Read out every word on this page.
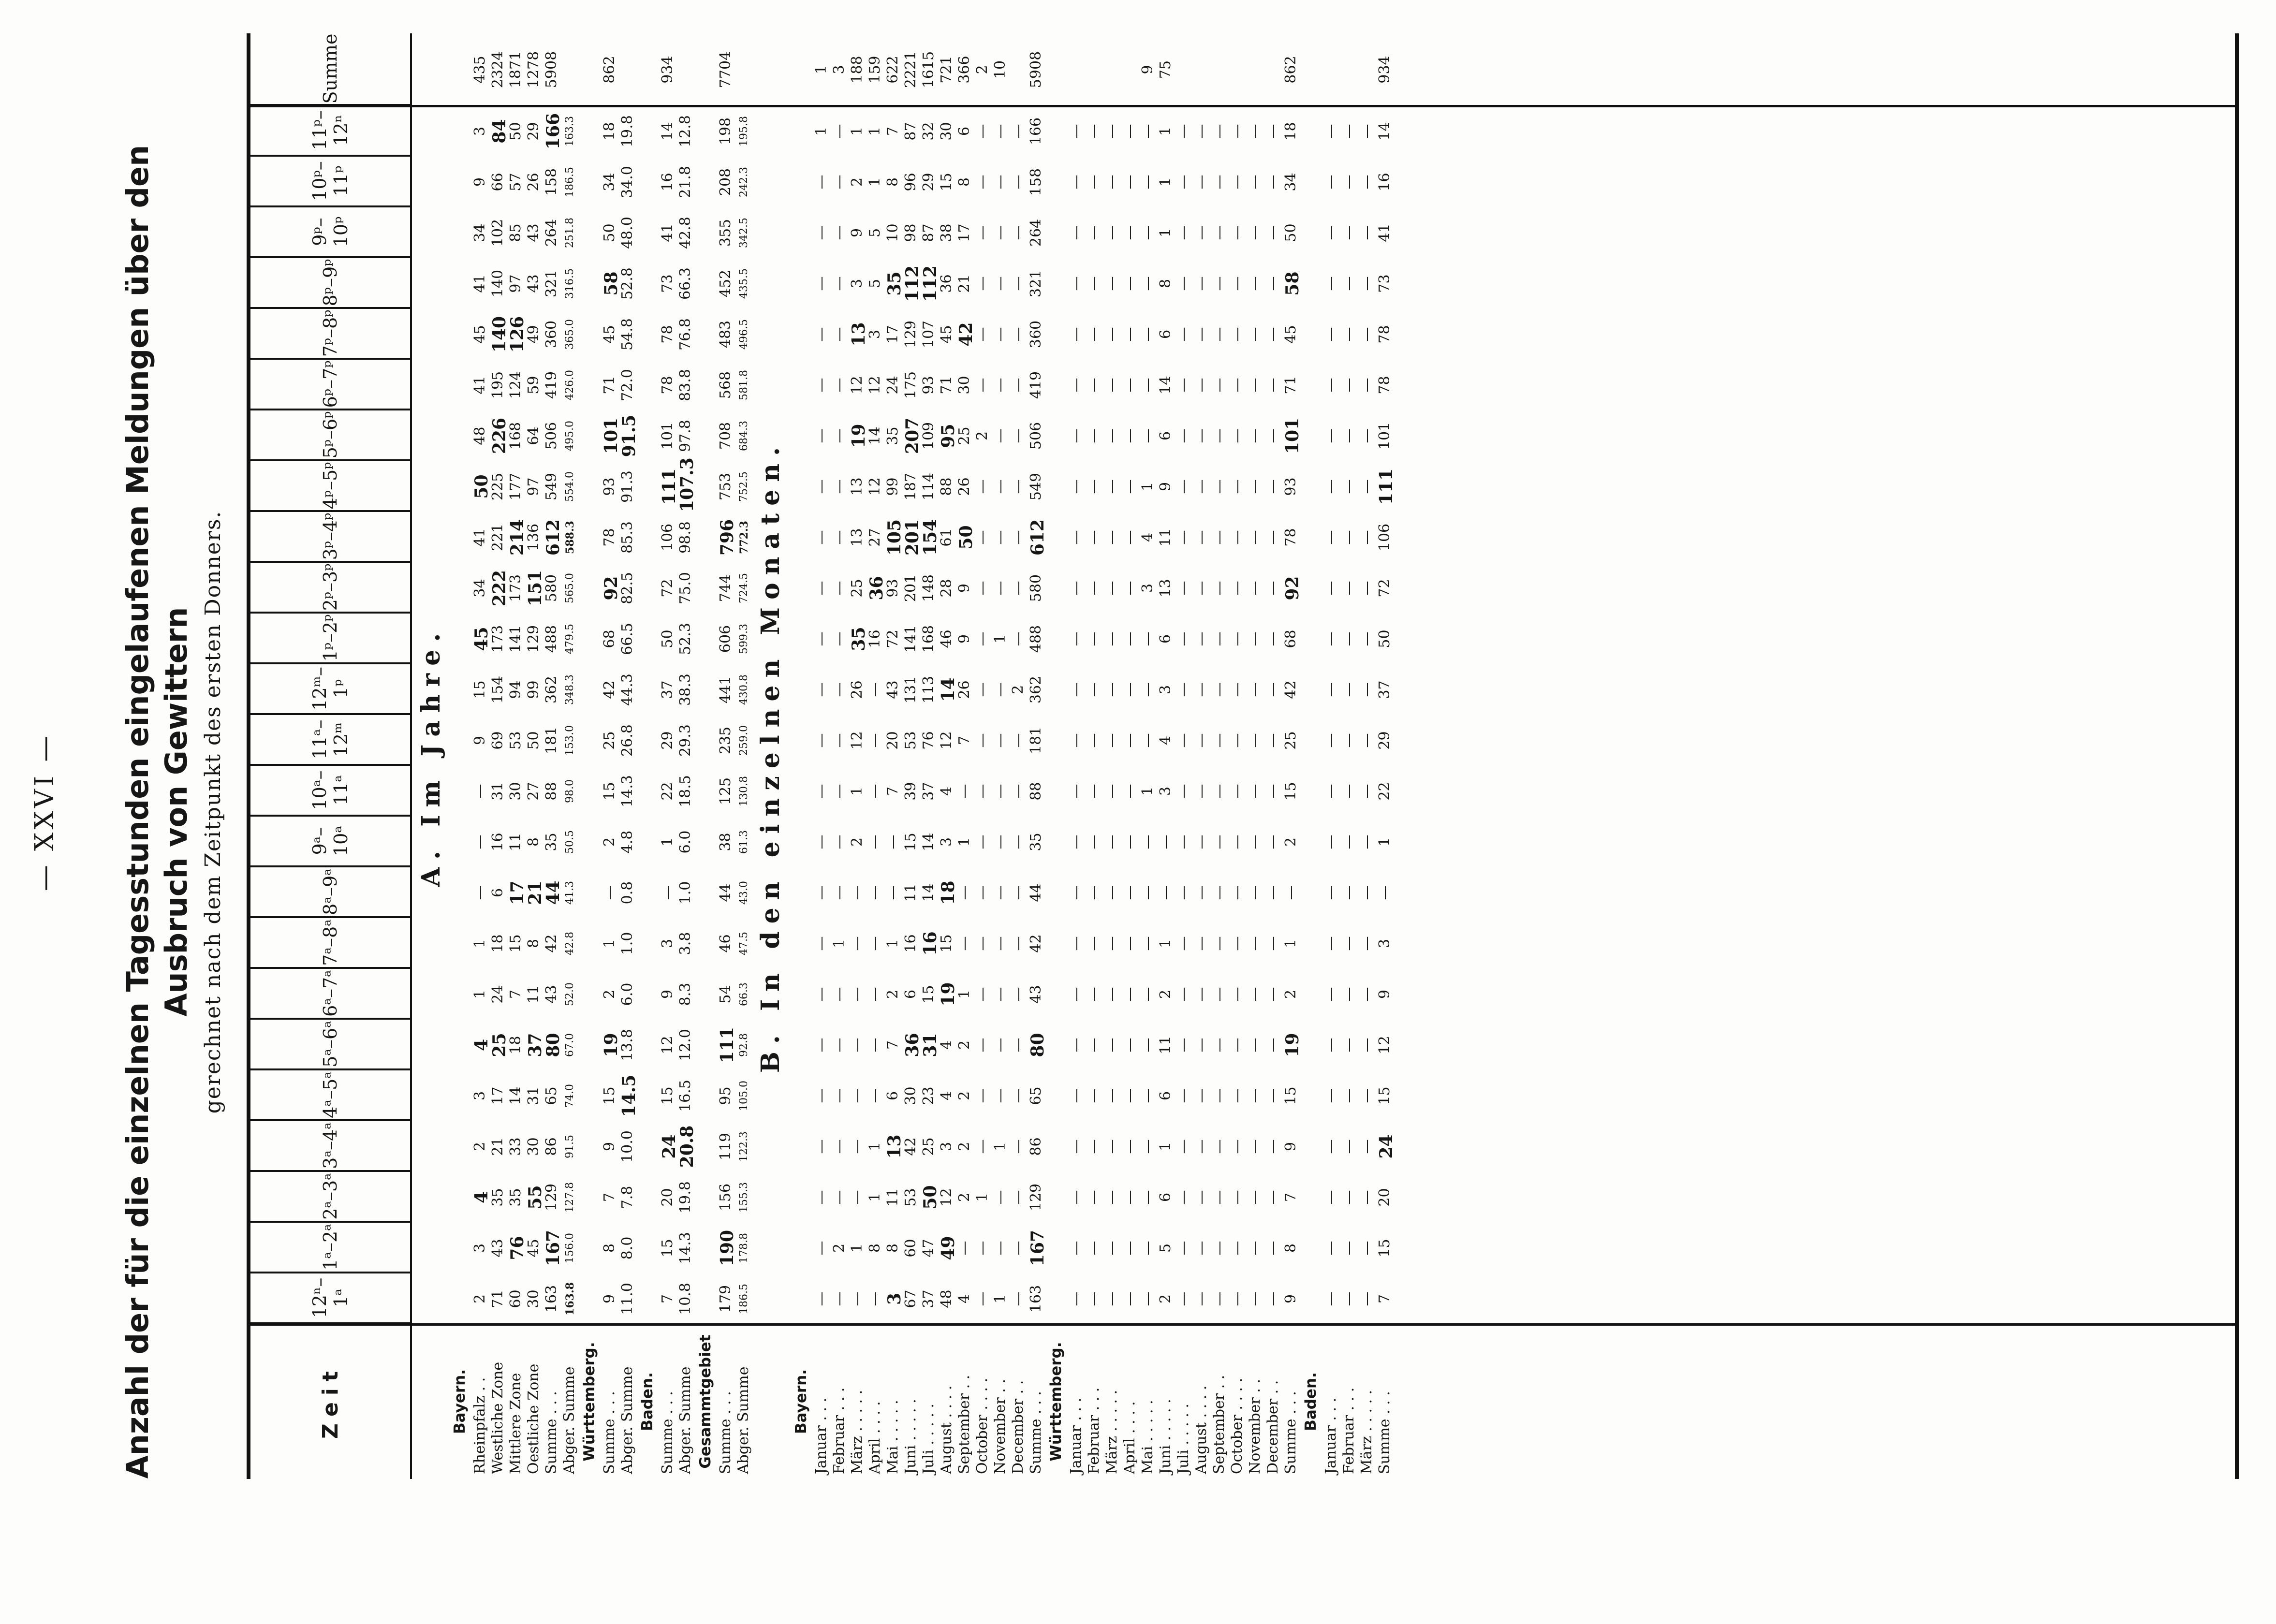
— XXVI — Anzahl der für die einzelnen Tagesstunden eingelaufenen Meldungen über den Ausbruch von Gewittern gerechnet nach dem Zeitpunkt des ersten Donners.
Zeit
12ⁿ–1ᵃ
1ᵃ–2ᵃ
2ᵃ–3ᵃ
3ᵃ–4ᵃ
4ᵃ–5ᵃ
5ᵃ–6ᵃ
6ᵃ–7ᵃ
7ᵃ–8ᵃ
8ᵃ–9ᵃ
9ᵃ–10ᵃ
10ᵃ–11ᵃ
11ᵃ–12ᵐ
12ᵐ–1ᵖ
1ᵖ–2ᵖ
2ᵖ–3ᵖ
3ᵖ–4ᵖ
4ᵖ–5ᵖ
5ᵖ–6ᵖ
6ᵖ–7ᵖ
7ᵖ–8ᵖ
8ᵖ–9ᵖ
9ᵖ–10ᵖ
10ᵖ–11ᵖ
11ᵖ–12ⁿ
Summe
A. Im Jahre.
Bayern. Rheinpfalz . .
2
3
4
2
3
4
1
1
—
—
—
9
15
45
34
41
50
48
41
45
41
34
9
3
435
Westliche Zone
71
43
35
21
17
25
24
18
6
16
31
69
154
173
222
221
225
226
195
140
140
102
66
84
2324
Mittlere Zone
60
76
35
33
14
18
7
15
17
11
30
53
94
141
173
214
177
168
124
126
97
85
57
50
1871
Oestliche Zone
30
45
55
30
31
37
11
8
21
8
27
50
99
129
151
136
97
64
59
49
43
43
26
29
1278
Summe . . .
163
167
129
86
65
80
43
42
44
35
88
181
362
488
580
612
549
506
419
360
321
264
158
166
5908
Abger. Summe
163.8
156.0
127.8
91.5
74.0
67.0
52.0
42.8
41.3
50.5
98.0
153.0
348.3
479.5
565.0
588.3
554.0
495.0
426.0
365.0
316.5
251.8
186.5
163.3
Württemberg. Summe . . .
9
8
7
9
15
19
2
1
—
2
15
25
42
68
92
78
93
101
71
45
58
50
34
18
862
Abger. Summe
11.0
8.0
7.8
10.0
14.5
13.8
6.0
1.0
0.8
4.8
14.3
26.8
44.3
66.5
82.5
85.3
91.3
91.5
72.0
54.8
52.8
48.0
34.0
19.8
Baden. Summe . . .
7
15
20
24
15
12
9
3
—
1
22
29
37
50
72
106
111
101
78
78
73
41
16
14
934
Abger. Summe
10.8
14.3
19.8
20.8
16.5
12.0
8.3
3.8
1.0
6.0
18.5
29.3
38.3
52.3
75.0
98.8
107.3
97.8
83.8
76.8
66.3
42.8
21.8
12.8
Gesammtgebiet Summe . . .
179
190
156
119
95
111
54
46
44
38
125
235
441
606
744
796
753
708
568
483
452
355
208
198
7704
Abger. Summe
186.5
178.8
155.3
122.3
105.0
92.8
66.3
47.5
43.0
61.3
130.8
259.0
430.8
599.3
724.5
772.3
752.5
684.3
581.8
496.5
435.5
342.5
242.3
195.8
B. In den einzelnen Monaten.
Bayern. Januar . . .
—
—
—
—
—
—
—
—
—
—
—
—
—
—
—
—
—
—
—
—
—
—
—
1
1
Februar . . .
—
2
—
—
—
—
—
1
—
—
—
—
—
—
—
—
—
—
—
—
—
—
—
—
3
März . . . . .
—
1
—
—
—
—
—
—
—
2
1
12
26
35
25
13
13
19
12
13
3
9
2
1
188
April . . . .
—
8
1
1
—
—
—
—
—
—
—
—
—
16
36
27
12
14
12
3
5
5
1
1
159
Mai . . . . .
3
8
11
13
6
7
2
1
—
—
7
20
43
72
93
105
99
35
24
17
35
10
8
7
622
Juni . . . . .
67
60
53
42
30
36
6
16
11
15
39
53
131
141
201
201
187
207
175
129
112
98
96
87
2221
Juli . . . . .
37
47
50
25
23
31
15
16
14
14
37
76
113
168
148
154
114
109
93
107
112
87
29
32
1615
August . . . .
48
49
12
3
4
4
19
15
18
3
4
12
14
46
28
61
88
95
71
45
36
38
15
30
721
September . .
4
—
2
2
2
2
1
—
—
1
—
7
26
9
9
50
26
25
30
42
21
17
8
6
366
October . . . .
—
—
1
—
—
—
—
—
—
—
—
—
—
—
—
—
—
2
—
—
—
—
—
—
2
November . .
1
—
—
1
—
—
—
—
—
—
—
—
—
1
—
—
—
—
—
—
—
—
—
—
10
December . .
—
—
—
—
—
—
—
—
—
—
—
—
2
—
—
—
—
—
—
—
—
—
—
—
Summe . . .
163
167
129
86
65
80
43
42
44
35
88
181
362
488
580
612
549
506
419
360
321
264
158
166
5908
Württemberg. Januar . . .
—
—
—
—
—
—
—
—
—
—
—
—
—
—
—
—
—
—
—
—
—
—
—
—
Februar . . .
—
—
—
—
—
—
—
—
—
—
—
—
—
—
—
—
—
—
—
—
—
—
—
—
März . . . . .
—
—
—
—
—
—
—
—
—
—
—
—
—
—
—
—
—
—
—
—
—
—
—
—
April . . . .
—
—
—
—
—
—
—
—
—
—
—
—
—
—
—
—
—
—
—
—
—
—
—
—
Mai . . . . .
—
—
—
—
—
—
—
—
—
—
1
—
—
—
3
4
1
—
—
—
—
—
—
—
9
Juni . . . . .
2
5
6
1
6
11
2
1
—
—
3
4
3
6
13
11
9
6
14
6
8
1
1
1
75
Juli . . . . .
—
—
—
—
—
—
—
—
—
—
—
—
—
—
—
—
—
—
—
—
—
—
—
—
August . . . .
—
—
—
—
—
—
—
—
—
—
—
—
—
—
—
—
—
—
—
—
—
—
—
—
September . .
—
—
—
—
—
—
—
—
—
—
—
—
—
—
—
—
—
—
—
—
—
—
—
—
October . . . .
—
—
—
—
—
—
—
—
—
—
—
—
—
—
—
—
—
—
—
—
—
—
—
—
November . .
—
—
—
—
—
—
—
—
—
—
—
—
—
—
—
—
—
—
—
—
—
—
—
—
December . .
—
—
—
—
—
—
—
—
—
—
—
—
—
—
—
—
—
—
—
—
—
—
—
—
Summe . . .
9
8
7
9
15
19
2
1
—
2
15
25
42
68
92
78
93
101
71
45
58
50
34
18
862
Baden. Januar . . .
—
—
—
—
—
—
—
—
—
—
—
—
—
—
—
—
—
—
—
—
—
—
—
—
Februar . . .
—
—
—
—
—
—
—
—
—
—
—
—
—
—
—
—
—
—
—
—
—
—
—
—
März . . . . .
—
—
—
—
—
—
—
—
—
—
—
—
—
—
—
—
—
—
—
—
—
—
—
—
Summe . . .
7
15
20
24
15
12
9
3
—
1
22
29
37
50
72
106
111
101
78
78
73
41
16
14
934
